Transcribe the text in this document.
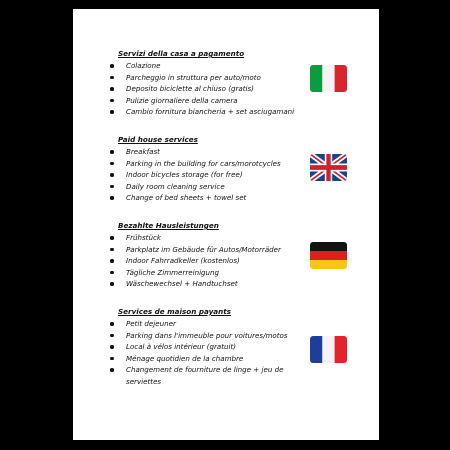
Servizi della casa a pagamento
Colazione
Parcheggio in struttura per auto/moto
Deposito biciclette al chiuso (gratis)
Pulizie giornaliere della camera
Cambio fornitura biancheria + set asciugamani
Paid house services
Breakfast
Parking in the building for cars/morotcycles
Indoor bicycles storage (for free)
Daily room cleaning service
Change of bed sheets + towel set
Bezahlte Hausleistungen
Frühstück
Parkplatz im Gebäude für Autos/Motorräder
Indoor Fahrradkeller (kostenlos)
Tägliche Zimmerreinigung
Wäschewechsel + Handtuchset
Services de maison payants
Petit dejeuner
Parking dans l'immeuble pour voitures/motos
Local à vélos intérieur (gratuit)
Ménage quotidien de la chambre
Changement de fourniture de linge + jeu de serviettes
